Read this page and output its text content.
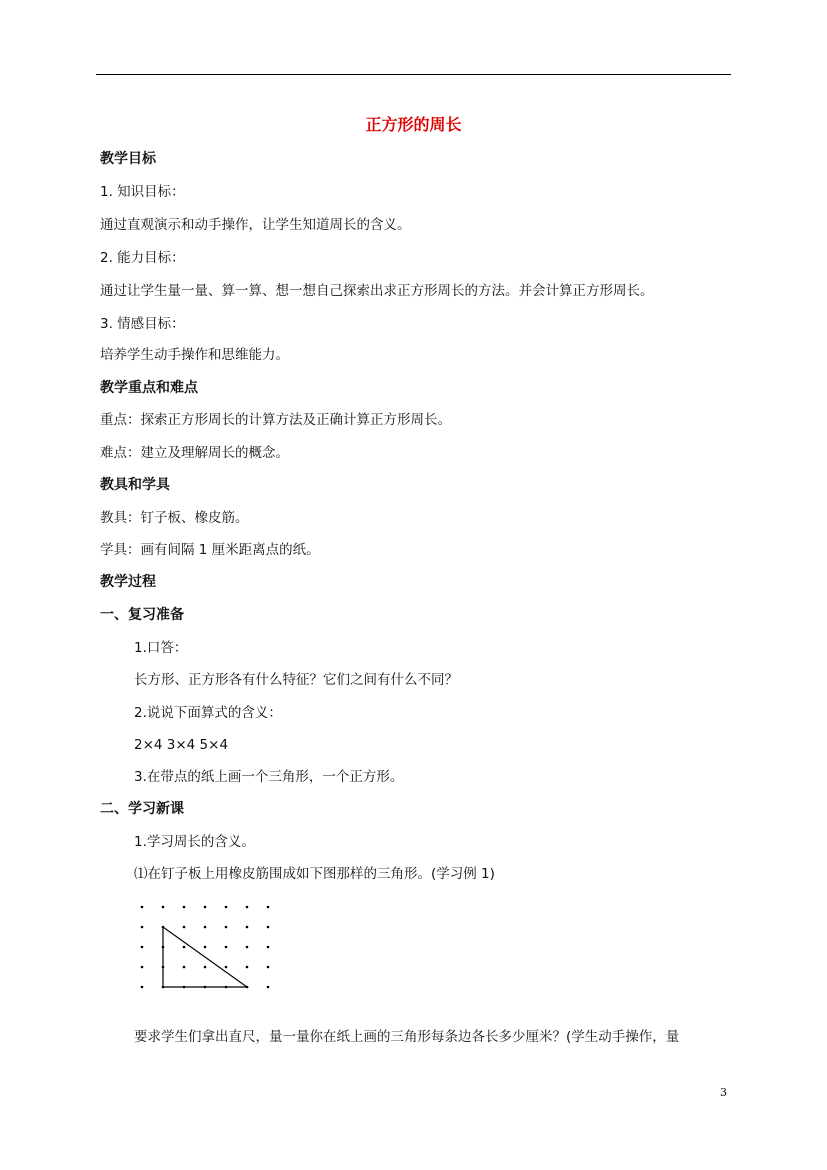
正方形的周长
教学目标
1. 知识目标：
通过直观演示和动手操作，让学生知道周长的含义。
2. 能力目标：
通过让学生量一量、算一算、想一想自己探索出求正方形周长的方法。并会计算正方形周长。
3. 情感目标：
培养学生动手操作和思维能力。
教学重点和难点
重点：探索正方形周长的计算方法及正确计算正方形周长。
难点：建立及理解周长的概念。
教具和学具
教具：钉子板、橡皮筋。
学具：画有间隔 1 厘米距离点的纸。
教学过程
一、复习准备
1.口答：
长方形、正方形各有什么特征？它们之间有什么不同？
2.说说下面算式的含义：
2×4 3×4 5×4
3.在带点的纸上画一个三角形，一个正方形。
二、学习新课
1.学习周长的含义。
⑴在钉子板上用橡皮筋围成如下图那样的三角形。(学习例 1)
要求学生们拿出直尺，量一量你在纸上画的三角形每条边各长多少厘米？(学生动手操作，量
3
